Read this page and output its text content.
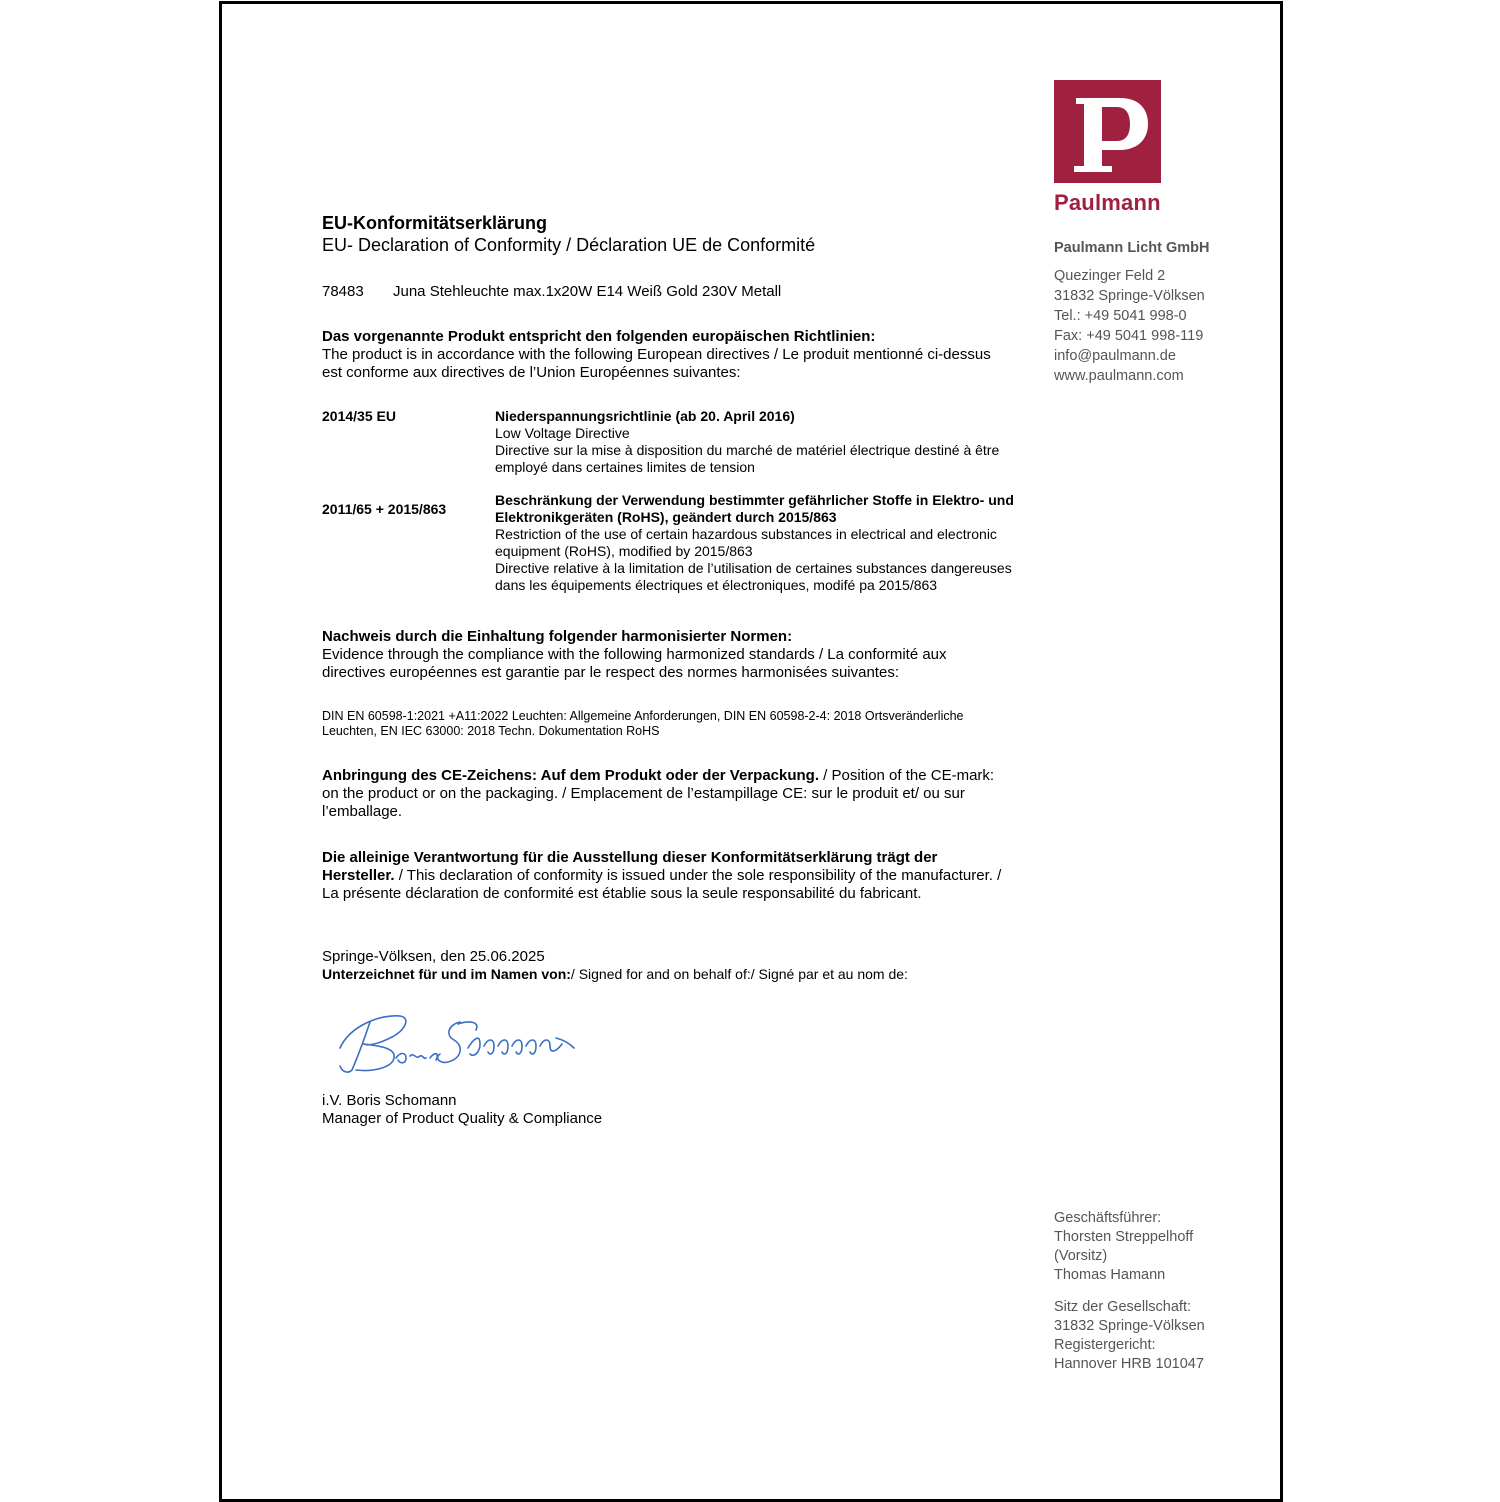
Paulmann
Paulmann Licht GmbH
Quezinger Feld 2
31832 Springe-Völksen
Tel.: +49 5041 998-0
Fax: +49 5041 998-119
info@paulmann.de
www.paulmann.com
EU-Konformitätserklärung
EU- Declaration of Conformity / Déclaration UE de Conformité
78483 Juna Stehleuchte max.1x20W E14 Weiß Gold 230V Metall
Das vorgenannte Produkt entspricht den folgenden europäischen Richtlinien:
The product is in accordance with the following European directives / Le produit mentionné ci-dessus est conforme aux directives de l’Union Européennes suivantes:
2014/35 EU	Niederspannungsrichtlinie (ab 20. April 2016)
Low Voltage Directive
Directive sur la mise à disposition du marché de matériel électrique destiné à être employé dans certaines limites de tension
2011/65 + 2015/863
Beschränkung der Verwendung bestimmter gefährlicher Stoffe in Elektro- und Elektronikgeräten (RoHS), geändert durch 2015/863
Restriction of the use of certain hazardous substances in electrical and electronic equipment (RoHS), modified by 2015/863
Directive relative à la limitation de l’utilisation de certaines substances dangereuses dans les équipements électriques et électroniques, modifé pa 2015/863
Nachweis durch die Einhaltung folgender harmonisierter Normen:
Evidence through the compliance with the following harmonized standards / La conformité aux directives européennes est garantie par le respect des normes harmonisées suivantes:
DIN EN 60598-1:2021 +A11:2022 Leuchten: Allgemeine Anforderungen, DIN EN 60598-2-4: 2018 Ortsveränderliche Leuchten, EN IEC 63000: 2018 Techn. Dokumentation RoHS
Anbringung des CE-Zeichens: Auf dem Produkt oder der Verpackung. / Position of the CE-mark: on the product or on the packaging. / Emplacement de l’estampillage CE: sur le produit et/ ou sur l’emballage.
Die alleinige Verantwortung für die Ausstellung dieser Konformitätserklärung trägt der Hersteller. / This declaration of conformity is issued under the sole responsibility of the manufacturer. / La présente déclaration de conformité est établie sous la seule responsabilité du fabricant.
Springe-Völksen, den 25.06.2025
Unterzeichnet für und im Namen von:/ Signed for and on behalf of:/ Signé par et au nom de:
i.V. Boris Schomann
Manager of Product Quality & Compliance
Geschäftsführer:
Thorsten Streppelhoff
(Vorsitz)
Thomas Hamann
Sitz der Gesellschaft:
31832 Springe-Völksen
Registergericht:
Hannover HRB 101047
